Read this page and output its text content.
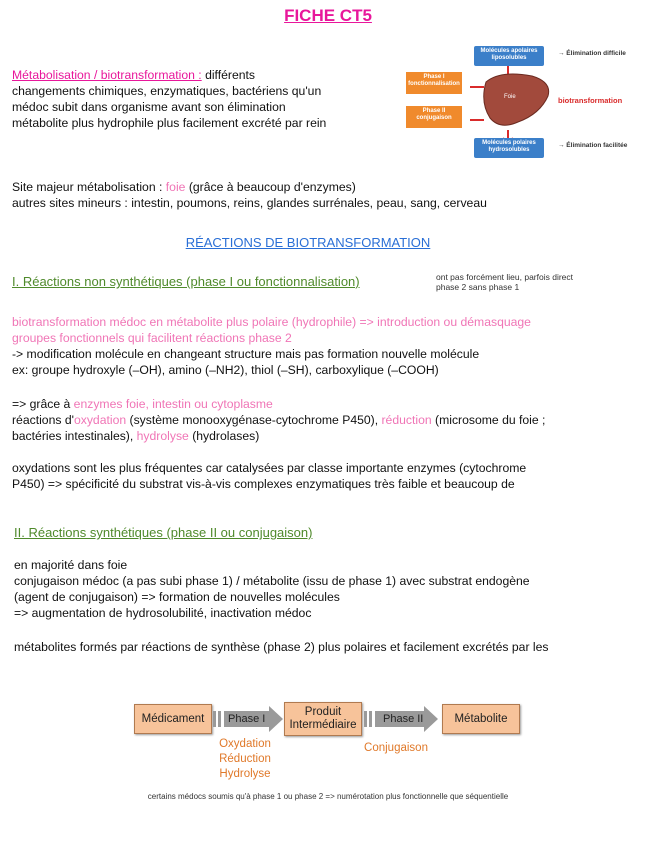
FICHE CT5
Métabolisation / biotransformation : différents
changements chimiques, enzymatiques, bactériens qu'un
médoc subit dans organisme avant son élimination
métabolite plus hydrophile plus facilement excrété par rein
Molécules apolaires liposolubles
→ Élimination difficile
Phase I fonctionnalisation
Phase II conjugaison
Foie	biotransformation
Molécules polaires hydrosolubles
→ Élimination facilitée
Site majeur métabolisation : foie (grâce à beaucoup d'enzymes)
autres sites mineurs : intestin, poumons, reins, glandes surrénales, peau, sang, cerveau
RÉACTIONS DE BIOTRANSFORMATION
I. Réactions non synthétiques (phase I ou fonctionnalisation)	ont pas forcément lieu, parfois direct
phase 2 sans phase 1
biotransformation médoc en métabolite plus polaire (hydrophile) => introduction ou démasquage
groupes fonctionnels qui facilitent réactions phase 2
-> modification molécule en changeant structure mais pas formation nouvelle molécule
ex: groupe hydroxyle (–OH), amino (–NH2), thiol (–SH), carboxylique (–COOH)
=> grâce à enzymes foie, intestin ou cytoplasme
réactions d'oxydation (système monooxygénase-cytochrome P450), réduction (microsome du foie ;
bactéries intestinales), hydrolyse (hydrolases)
oxydations sont les plus fréquentes car catalysées par classe importante enzymes (cytochrome
P450) => spécificité du substrat vis-à-vis complexes enzymatiques très faible et beaucoup de
II. Réactions synthétiques (phase II ou conjugaison)
en majorité dans foie
conjugaison médoc (a pas subi phase 1) / métabolite (issu de phase 1) avec substrat endogène
(agent de conjugaison) => formation de nouvelles molécules
=> augmentation de hydrosolubilité, inactivation médoc
métabolites formés par réactions de synthèse (phase 2) plus polaires et facilement excrétés par les
Médicament	Phase I
Produit Intermédiaire	Phase II	Métabolite
Oxydation
Réduction
Hydrolyse
Conjugaison
certains médocs soumis qu'à phase 1 ou phase 2 => numérotation plus fonctionnelle que séquentielle
